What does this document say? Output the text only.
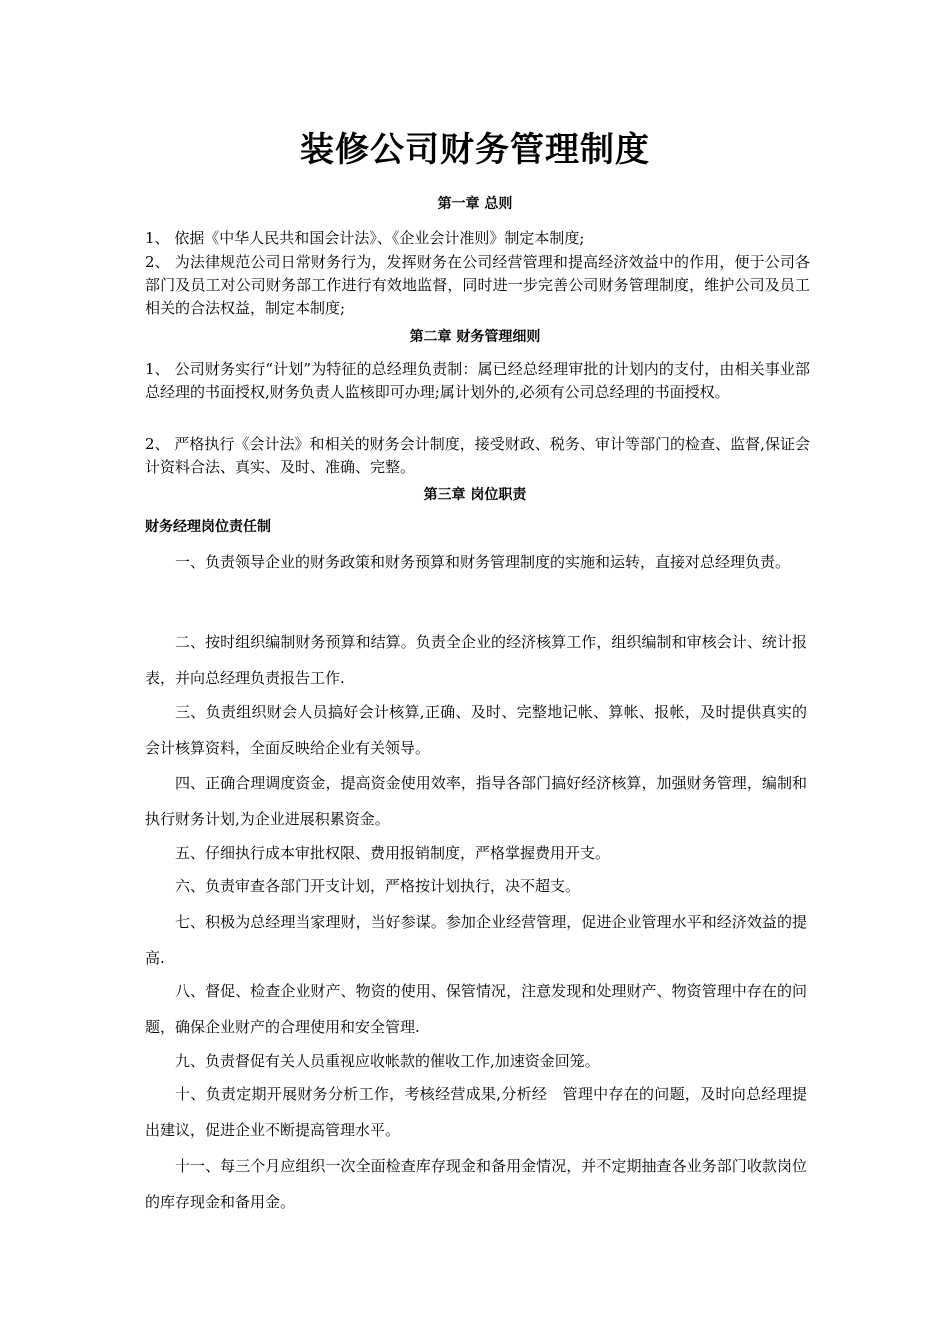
装修公司财务管理制度
第一章 总则
1、 依据《中华人民共和国会计法》、《企业会计准则》制定本制度;
2、 为法律规范公司日常财务行为，发挥财务在公司经营管理和提高经济效益中的作用，便于公司各部门及员工对公司财务部工作进行有效地监督，同时进一步完善公司财务管理制度，维护公司及员工相关的合法权益，制定本制度;
第二章 财务管理细则
1、 公司财务实行“计划”为特征的总经理负责制：属已经总经理审批的计划内的支付，由相关事业部总经理的书面授权,财务负责人监核即可办理;属计划外的,必须有公司总经理的书面授权。
2、 严格执行《会计法》和相关的财务会计制度，接受财政、税务、审计等部门的检查、监督,保证会计资料合法、真实、及时、准确、完整。
第三章 岗位职责
财务经理岗位责任制
一、负责领导企业的财务政策和财务预算和财务管理制度的实施和运转，直接对总经理负责。
二、按时组织编制财务预算和结算。负责全企业的经济核算工作，组织编制和审核会计、统计报表，并向总经理负责报告工作.
三、负责组织财会人员搞好会计核算,正确、及时、完整地记帐、算帐、报帐，及时提供真实的会计核算资料，全面反映给企业有关领导。
四、正确合理调度资金，提高资金使用效率，指导各部门搞好经济核算，加强财务管理，编制和执行财务计划,为企业进展积累资金。
五、仔细执行成本审批权限、费用报销制度，严格掌握费用开支。
六、负责审查各部门开支计划，严格按计划执行，决不超支。
七、积极为总经理当家理财，当好参谋。参加企业经营管理，促进企业管理水平和经济效益的提高.
八、督促、检查企业财产、物资的使用、保管情况，注意发现和处理财产、物资管理中存在的问题，确保企业财产的合理使用和安全管理.
九、负责督促有关人员重视应收帐款的催收工作,加速资金回笼。
十、负责定期开展财务分析工作，考核经营成果,分析经　管理中存在的问题，及时向总经理提出建议，促进企业不断提高管理水平。
十一、每三个月应组织一次全面检查库存现金和备用金情况，并不定期抽查各业务部门收款岗位的库存现金和备用金。
